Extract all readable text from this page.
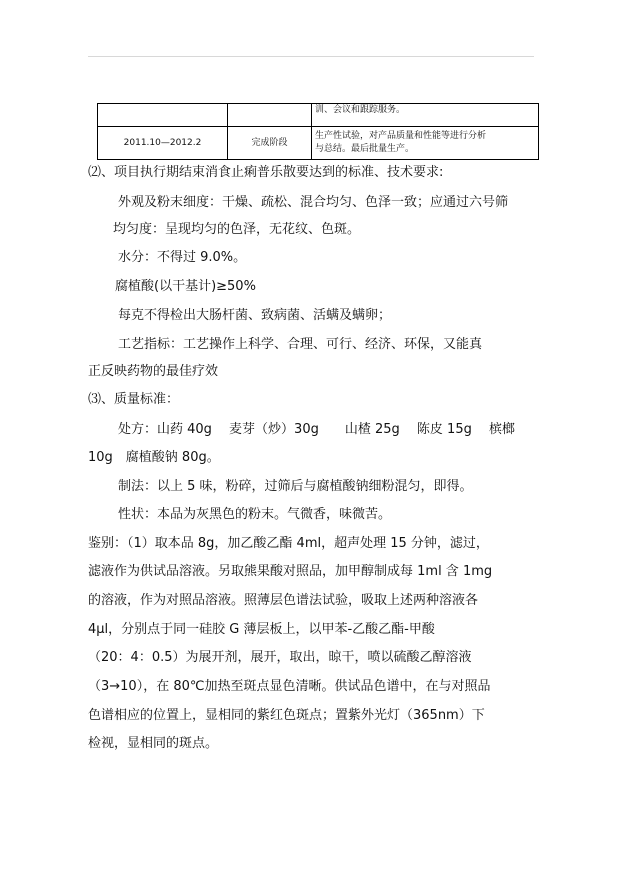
		训、会议和跟踪服务。
2011.10—2012.2	完成阶段	生产性试验，对产品质量和性能等进行分析
与总结。最后批量生产。
⑵、项目执行期结束消食止痢普乐散要达到的标准、技术要求:
外观及粉末细度：干燥、疏松、混合均匀、色泽一致；应通过六号筛
均匀度：呈现均匀的色泽，无花纹、色斑。
水分：不得过 9.0%。
腐植酸(以干基计)≥50%
每克不得检出大肠杆菌、致病菌、活螨及螨卵；
工艺指标：工艺操作上科学、合理、可行、经济、环保，又能真
正反映药物的最佳疗效
⑶、质量标准：
处方：山药 40g　 麦芽（炒）30g　　山楂 25g　 陈皮 15g　 槟榔
10g　腐植酸钠 80g。
制法：以上 5 味，粉碎，过筛后与腐植酸钠细粉混匀，即得。
性状：本品为灰黑色的粉末。气微香，味微苦。
鉴别：（1）取本品 8g，加乙酸乙酯 4ml，超声处理 15 分钟，滤过，
滤液作为供试品溶液。另取熊果酸对照品，加甲醇制成每 1ml 含 1mg
的溶液，作为对照品溶液。照薄层色谱法试验，吸取上述两种溶液各
4μl，分别点于同一硅胶 G 薄层板上，以甲苯-乙酸乙酯-甲酸
（20：4：0.5）为展开剂，展开，取出，晾干，喷以硫酸乙醇溶液
（3→10），在 80℃加热至斑点显色清晰。供试品色谱中，在与对照品
色谱相应的位置上，显相同的紫红色斑点；置紫外光灯（365nm）下
检视，显相同的斑点。
